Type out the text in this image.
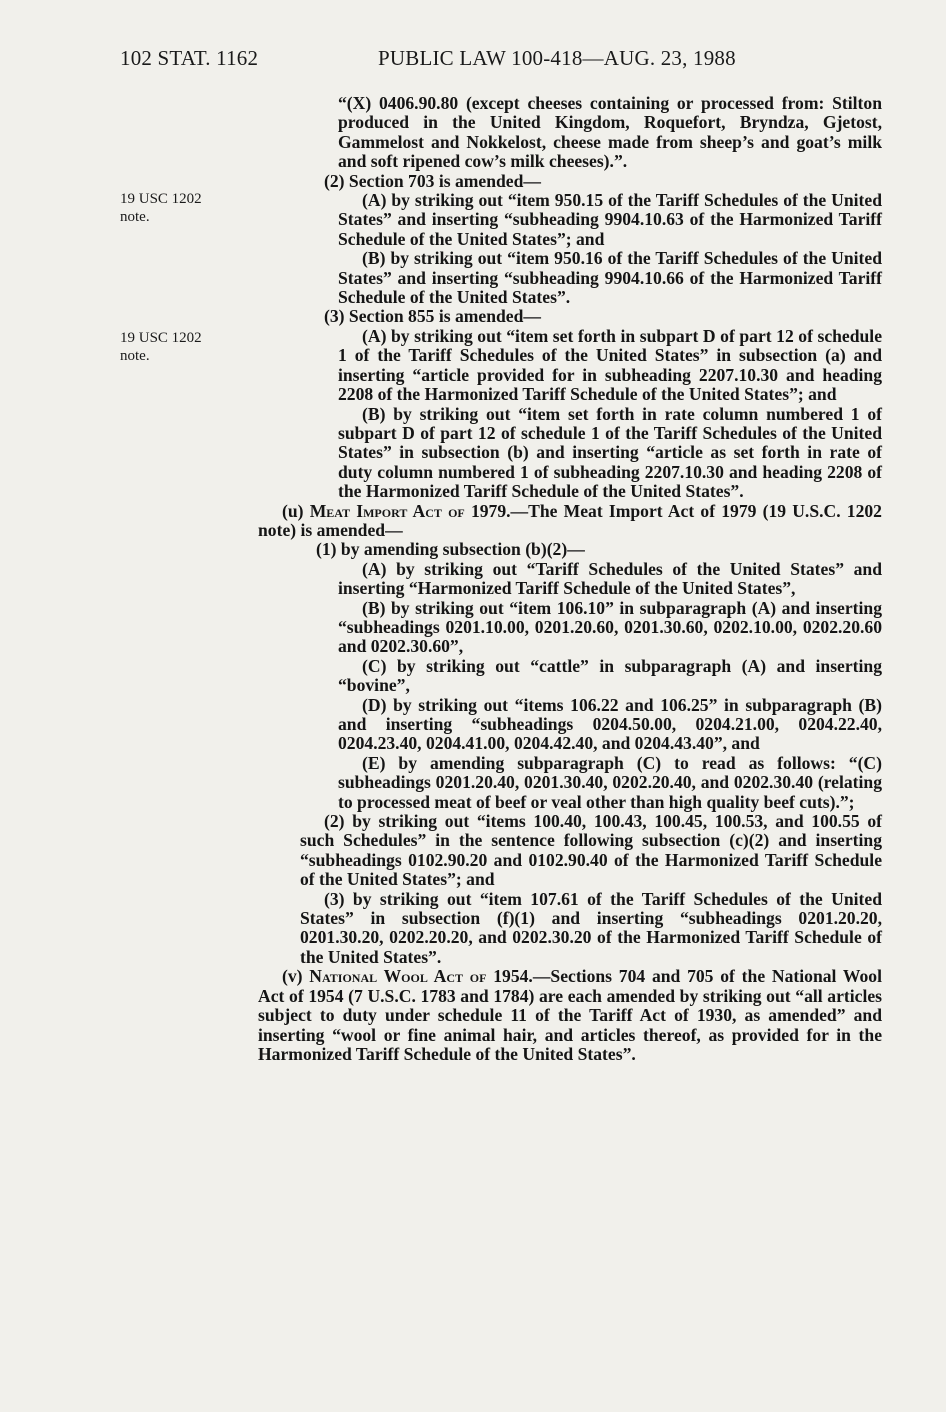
102 STAT. 1162	PUBLIC LAW 100-418—AUG. 23, 1988
19 USC 1202
note.
19 USC 1202
note.

“(X) 0406.90.80 (except cheeses containing or processed from: Stilton produced in the United Kingdom, Roquefort, Bryndza, Gjetost, Gammelost and Nokkelost, cheese made from sheep’s and goat’s milk and soft ripened cow’s milk cheeses).”.

(2) Section 703 is amended—

(A) by striking out “item 950.15 of the Tariff Schedules of the United States” and inserting “subheading 9904.10.63 of the Harmonized Tariff Schedule of the United States”; and

(B) by striking out “item 950.16 of the Tariff Schedules of the United States” and inserting “subheading 9904.10.66 of the Harmonized Tariff Schedule of the United States”.

(3) Section 855 is amended—

(A) by striking out “item set forth in subpart D of part 12 of schedule 1 of the Tariff Schedules of the United States” in subsection (a) and inserting “article provided for in subheading 2207.10.30 and heading 2208 of the Harmonized Tariff Schedule of the United States”; and

(B) by striking out “item set forth in rate column numbered 1 of subpart D of part 12 of schedule 1 of the Tariff Schedules of the United States” in subsection (b) and inserting “article as set forth in rate of duty column numbered 1 of subheading 2207.10.30 and heading 2208 of the Harmonized Tariff Schedule of the United States”.

(u) Meat Import Act of 1979.—The Meat Import Act of 1979 (19 U.S.C. 1202 note) is amended—

(1) by amending subsection (b)(2)—

(A) by striking out “Tariff Schedules of the United States” and inserting “Harmonized Tariff Schedule of the United States”,

(B) by striking out “item 106.10” in subparagraph (A) and inserting “subheadings 0201.10.00, 0201.20.60, 0201.30.60, 0202.10.00, 0202.20.60 and 0202.30.60”,

(C) by striking out “cattle” in subparagraph (A) and inserting “bovine”,

(D) by striking out “items 106.22 and 106.25” in subparagraph (B) and inserting “subheadings 0204.50.00, 0204.21.00, 0204.22.40, 0204.23.40, 0204.41.00, 0204.42.40, and 0204.43.40”, and

(E) by amending subparagraph (C) to read as follows: “(C) subheadings 0201.20.40, 0201.30.40, 0202.20.40, and 0202.30.40 (relating to processed meat of beef or veal other than high quality beef cuts).”;

(2) by striking out “items 100.40, 100.43, 100.45, 100.53, and 100.55 of such Schedules” in the sentence following subsection (c)(2) and inserting “subheadings 0102.90.20 and 0102.90.40 of the Harmonized Tariff Schedule of the United States”; and

(3) by striking out “item 107.61 of the Tariff Schedules of the United States” in subsection (f)(1) and inserting “subheadings 0201.20.20, 0201.30.20, 0202.20.20, and 0202.30.20 of the Harmonized Tariff Schedule of the United States”.

(v) National Wool Act of 1954.—Sections 704 and 705 of the National Wool Act of 1954 (7 U.S.C. 1783 and 1784) are each amended by striking out “all articles subject to duty under schedule 11 of the Tariff Act of 1930, as amended” and inserting “wool or fine animal hair, and articles thereof, as provided for in the Harmonized Tariff Schedule of the United States”.
